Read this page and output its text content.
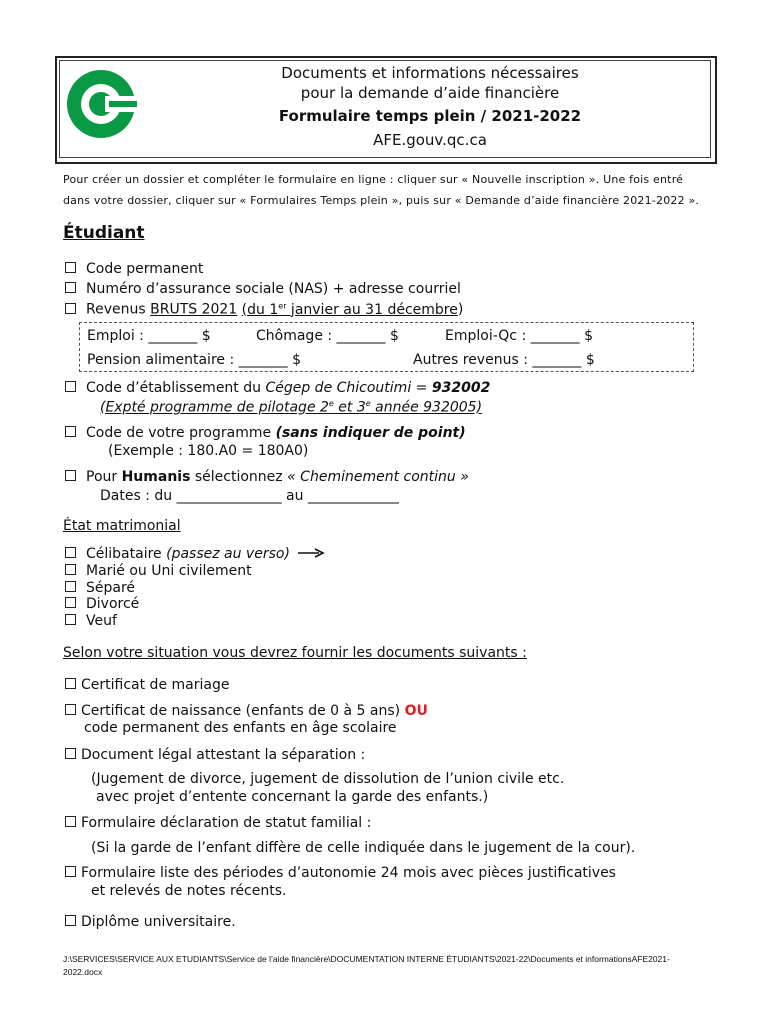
Documents et informations nécessaires
pour la demande d’aide financière
Formulaire temps plein / 2021-2022
AFE.gouv.qc.ca
Pour créer un dossier et compléter le formulaire en ligne : cliquer sur « Nouvelle inscription ». Une fois entré
dans votre dossier, cliquer sur « Formulaires Temps plein », puis sur « Demande d’aide financière 2021-2022 ».
Étudiant
Code permanent
Numéro d’assurance sociale (NAS) + adresse courriel
Revenus BRUTS 2021 (du 1er janvier au 31 décembre)
Emploi : _______ $	Chômage : _______ $	Emploi-Qc : _______ $
Pension alimentaire : _______ $	Autres revenus : _______ $
Code d’établissement du Cégep de Chicoutimi = 932002
(Expté programme de pilotage 2e et 3e année 932005)
Code de votre programme (sans indiquer de point)
(Exemple : 180.A0 = 180A0)
Pour Humanis sélectionnez « Cheminement continu »
Dates : du _______________ au _____________
État matrimonial
Célibataire (passez au verso)
Marié ou Uni civilement
Séparé
Divorcé
Veuf
Selon votre situation vous devrez fournir les documents suivants :
Certificat de mariage
Certificat de naissance (enfants de 0 à 5 ans) OU
code permanent des enfants en âge scolaire
Document légal attestant la séparation :
(Jugement de divorce, jugement de dissolution de l’union civile etc.
avec projet d’entente concernant la garde des enfants.)
Formulaire déclaration de statut familial :
(Si la garde de l’enfant diffère de celle indiquée dans le jugement de la cour).
Formulaire liste des périodes d’autonomie 24 mois avec pièces justificatives
et relevés de notes récents.
Diplôme universitaire.
J:\SERVICES\SERVICE AUX ETUDIANTS\Service de l’aide financière\DOCUMENTATION INTERNE ÉTUDIANTS\2021-22\Documents et informationsAFE2021-
2022.docx
